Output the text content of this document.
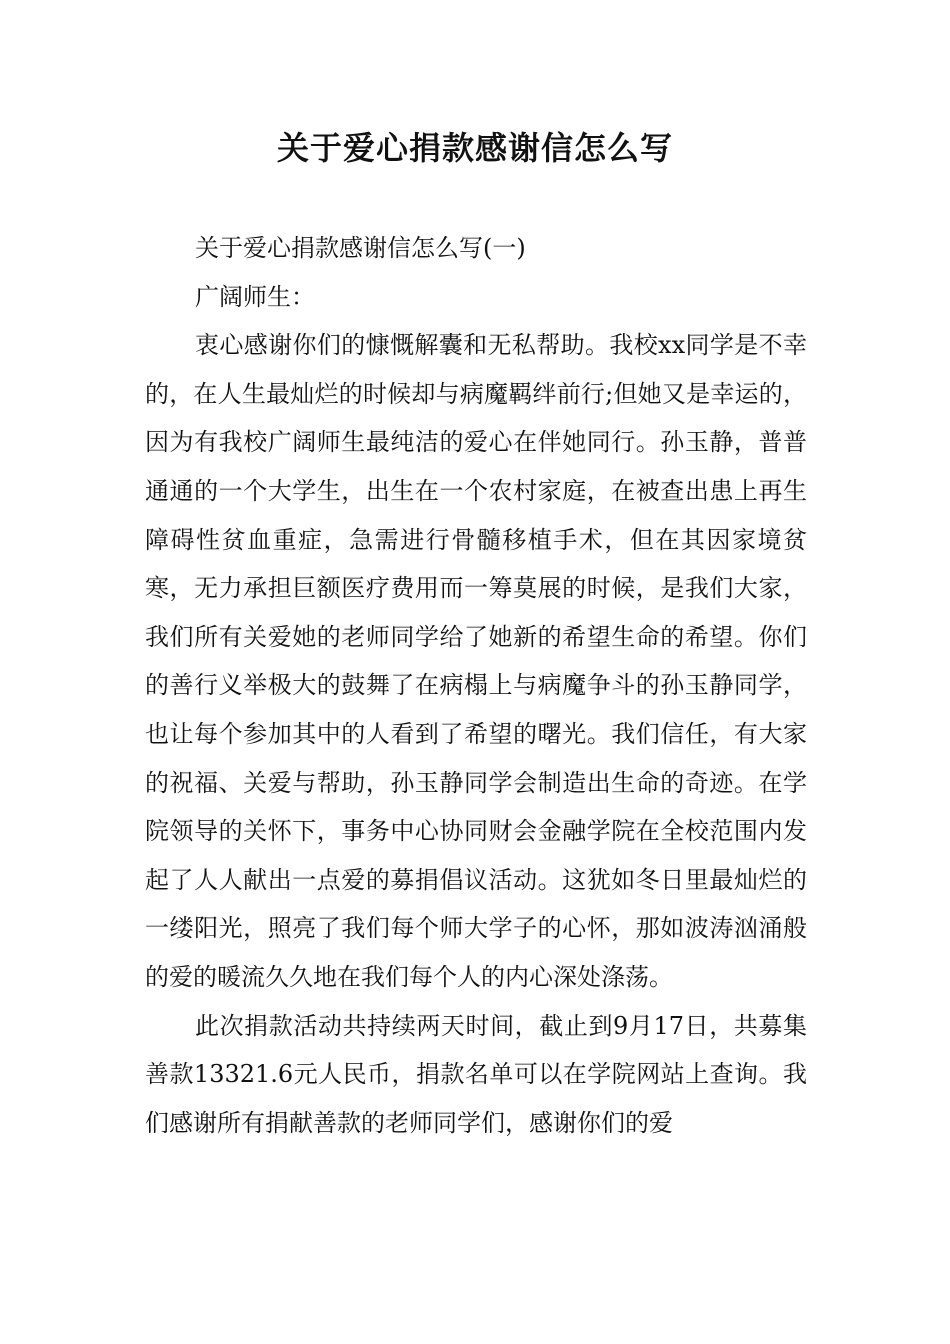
关于爱心捐款感谢信怎么写

关于爱心捐款感谢信怎么写(一)

广阔师生：

衷心感谢你们的慷慨解囊和无私帮助。我校xx同学是不幸的，在人生最灿烂的时候却与病魔羁绊前行;但她又是幸运的，因为有我校广阔师生最纯洁的爱心在伴她同行。孙玉静，普普通通的一个大学生，出生在一个农村家庭，在被查出患上再生障碍性贫血重症，急需进行骨髓移植手术，但在其因家境贫寒，无力承担巨额医疗费用而一筹莫展的时候，是我们大家，我们所有关爱她的老师同学给了她新的希望生命的希望。你们的善行义举极大的鼓舞了在病榻上与病魔争斗的孙玉静同学，也让每个参加其中的人看到了希望的曙光。我们信任，有大家的祝福、关爱与帮助，孙玉静同学会制造出生命的奇迹。在学院领导的关怀下，事务中心协同财会金融学院在全校范围内发起了人人献出一点爱的募捐倡议活动。这犹如冬日里最灿烂的一缕阳光，照亮了我们每个师大学子的心怀，那如波涛汹涌般的爱的暖流久久地在我们每个人的内心深处涤荡。

此次捐款活动共持续两天时间，截止到9月17日，共募集善款13321.6元人民币，捐款名单可以在学院网站上查询。我们感谢所有捐献善款的老师同学们，感谢你们的爱
